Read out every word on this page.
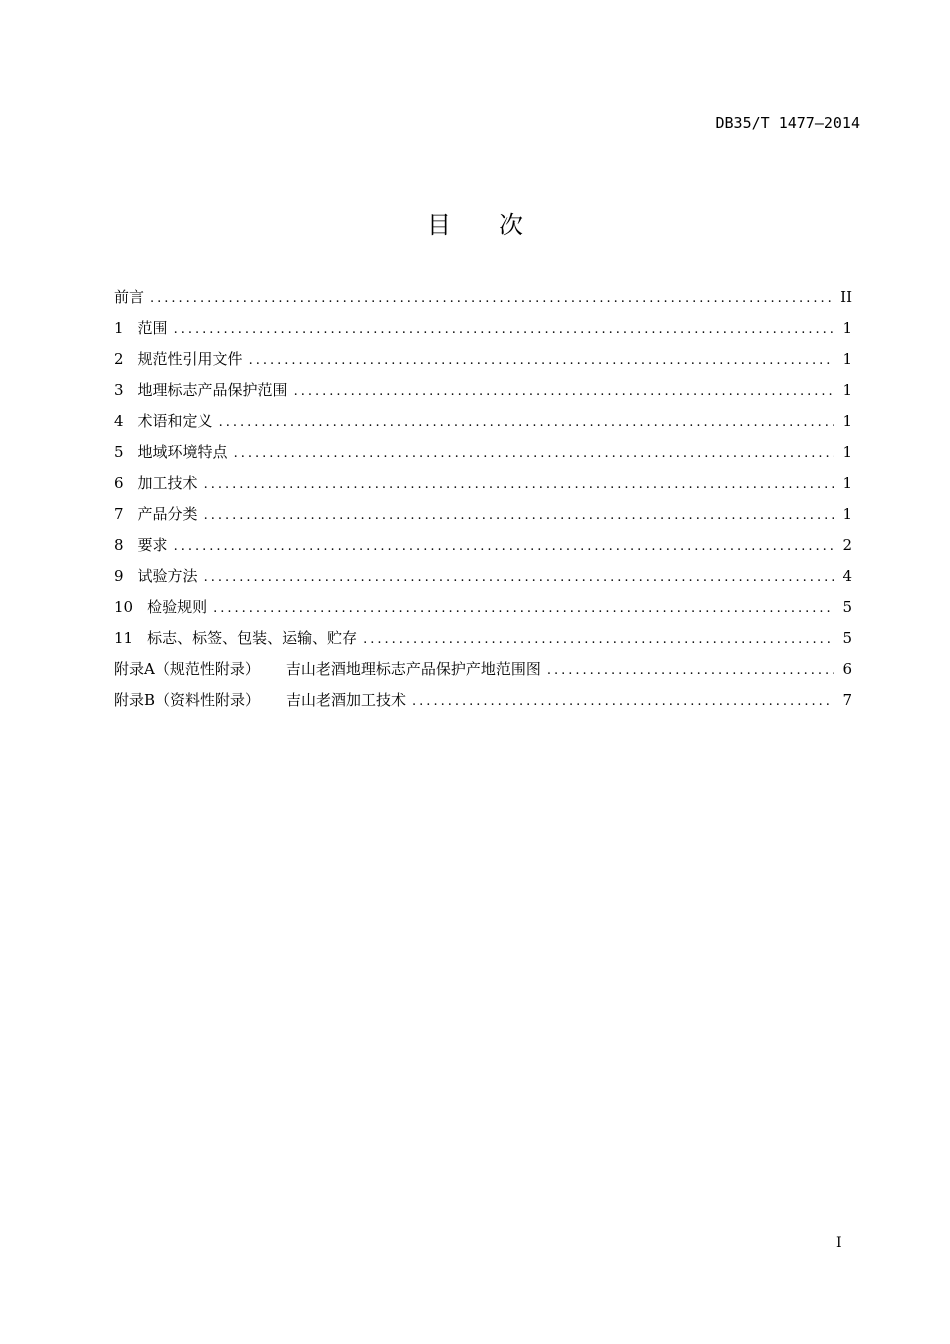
DB35/T 1477—2014
目 次
前言 .....	II
1 范围 .....	1
2 规范性引用文件 .....	1
3 地理标志产品保护范围 .....	1
4 术语和定义 .....	1
5 地域环境特点 .....	1
6 加工技术 .....	1
7 产品分类 .....	1
8 要求 .....	2
9 试验方法 .....	4
10 检验规则 .....	5
11 标志、标签、包装、运输、贮存 .....	5
附录A（规范性附录） 吉山老酒地理标志产品保护产地范围图 .....	6
附录B（资料性附录） 吉山老酒加工技术 .....	7
I
